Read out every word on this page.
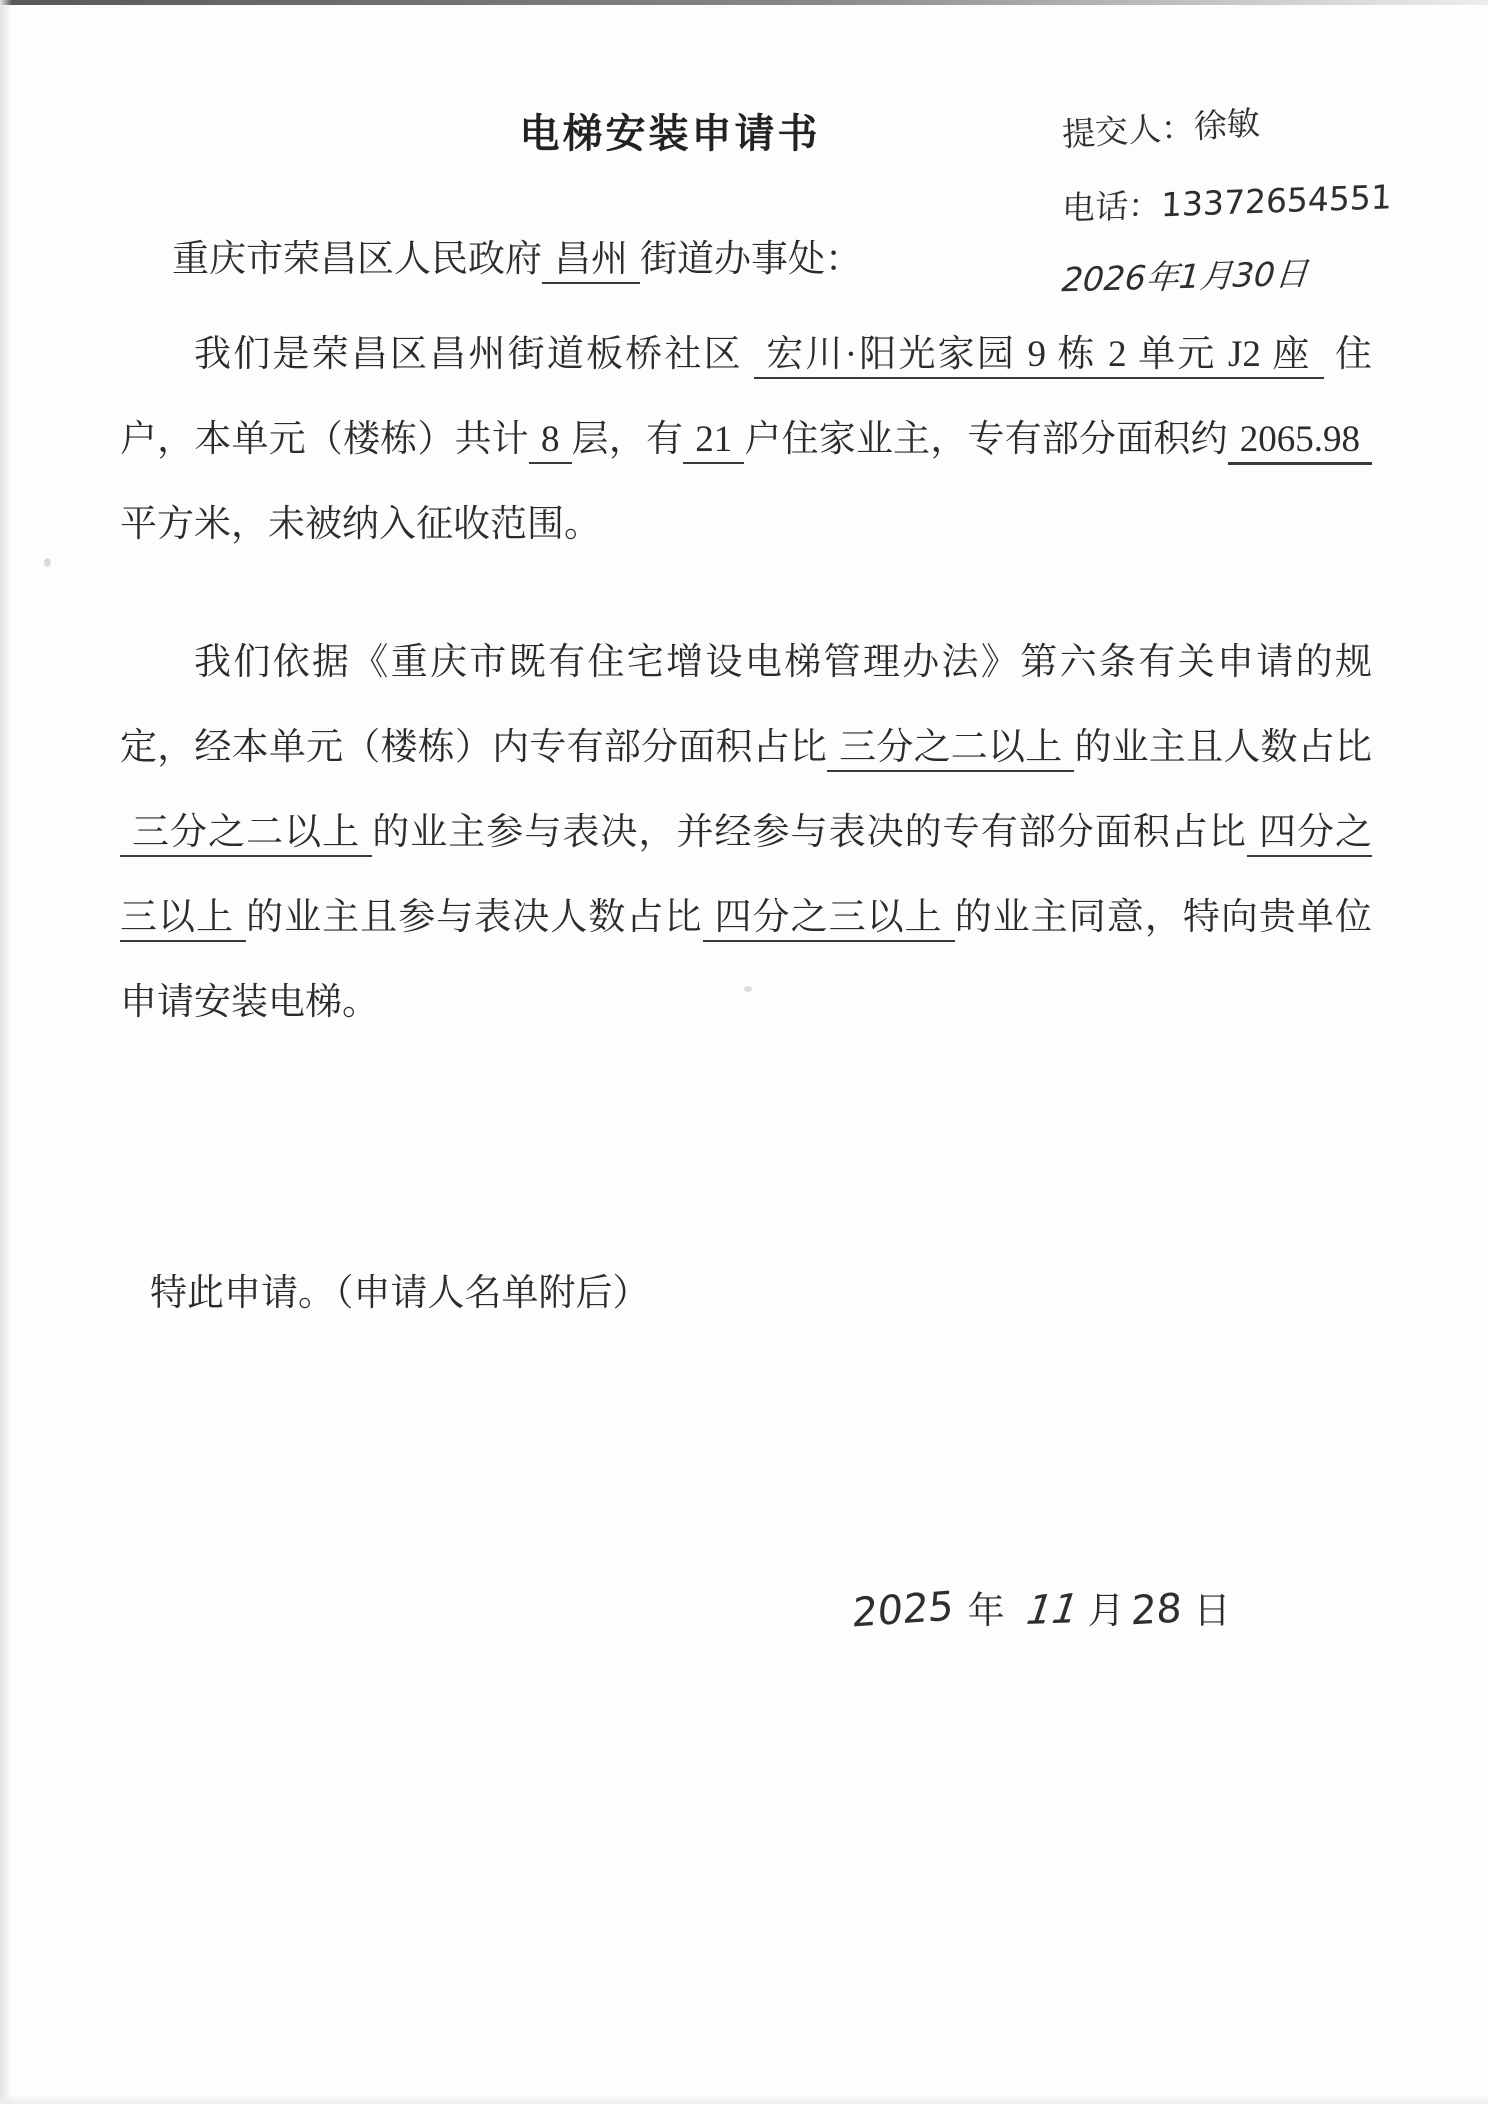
电梯安装申请书	提交人：徐敏
电话：13372654551
2026年1月30日
重庆市荣昌区人民政府 昌州 街道办事处：
我们是荣昌区昌州街道板桥社区 宏川·阳光家园 9 栋 2 单元 J2 座 住户，本单元（楼栋）共计 8 层，有 21 户住家业主，专有部分面积约 2065.98平方米，未被纳入征收范围。
我们依据《重庆市既有住宅增设电梯管理办法》第六条有关申请的规定，经本单元（楼栋）内专有部分面积占比 三分之二以上 的业主且人数占比三分之二以上 的业主参与表决，并经参与表决的专有部分面积占比 四分之三以上 的业主且参与表决人数占比 四分之三以上 的业主同意，特向贵单位申请安装电梯。
特此申请。（申请人名单附后）
2025 年 11 月 28 日
